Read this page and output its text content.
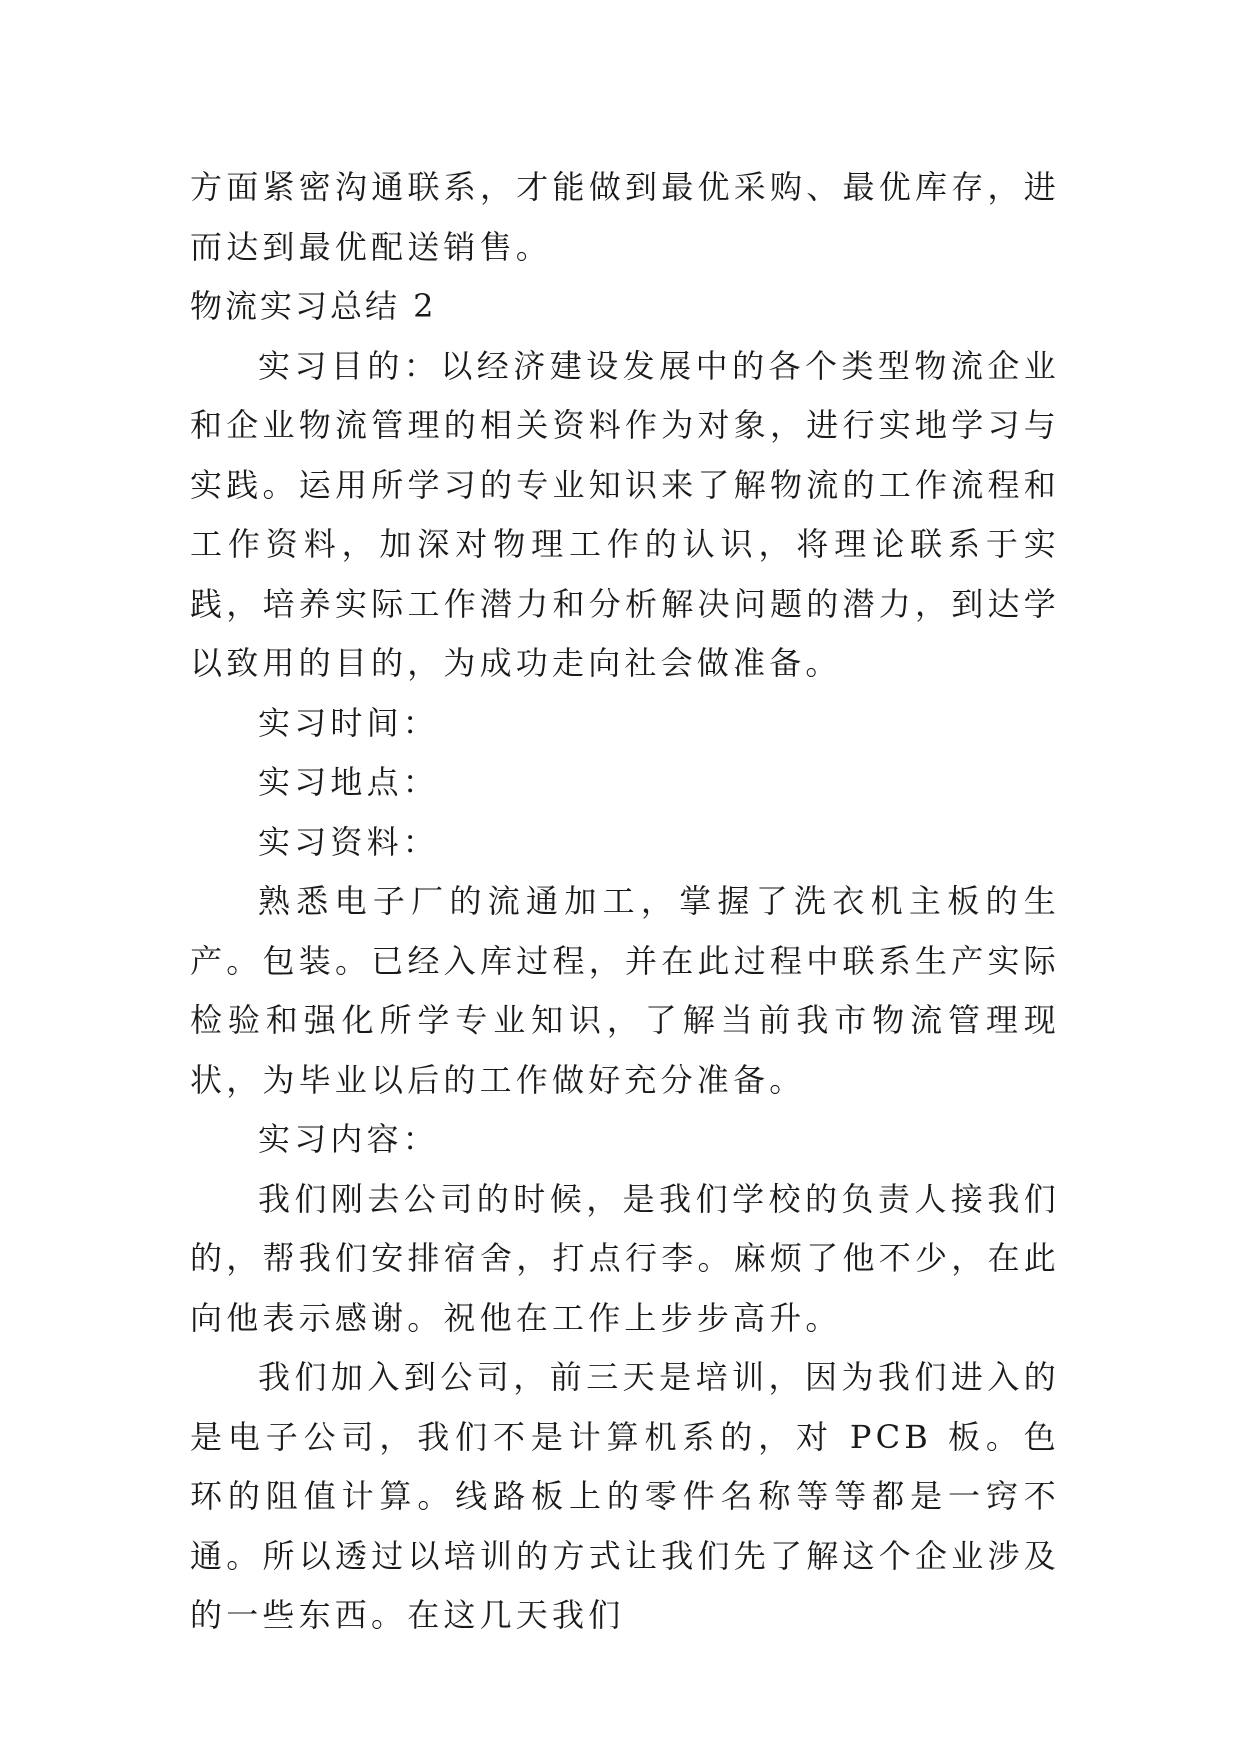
方面紧密沟通联系，才能做到最优采购、最优库存，进而达到最优配送销售。

物流实习总结 2

实习目的：以经济建设发展中的各个类型物流企业和企业物流管理的相关资料作为对象，进行实地学习与实践。运用所学习的专业知识来了解物流的工作流程和工作资料，加深对物理工作的认识，将理论联系于实践，培养实际工作潜力和分析解决问题的潜力，到达学以致用的目的，为成功走向社会做准备。

实习时间：

实习地点：

实习资料：

熟悉电子厂的流通加工，掌握了洗衣机主板的生产。包装。已经入库过程，并在此过程中联系生产实际检验和强化所学专业知识，了解当前我市物流管理现状，为毕业以后的工作做好充分准备。

实习内容：

我们刚去公司的时候，是我们学校的负责人接我们的，帮我们安排宿舍，打点行李。麻烦了他不少，在此向他表示感谢。祝他在工作上步步高升。

我们加入到公司，前三天是培训，因为我们进入的是电子公司，我们不是计算机系的，对 PCB 板。色环的阻值计算。线路板上的零件名称等等都是一窍不通。所以透过以培训的方式让我们先了解这个企业涉及的一些东西。在这几天我们
